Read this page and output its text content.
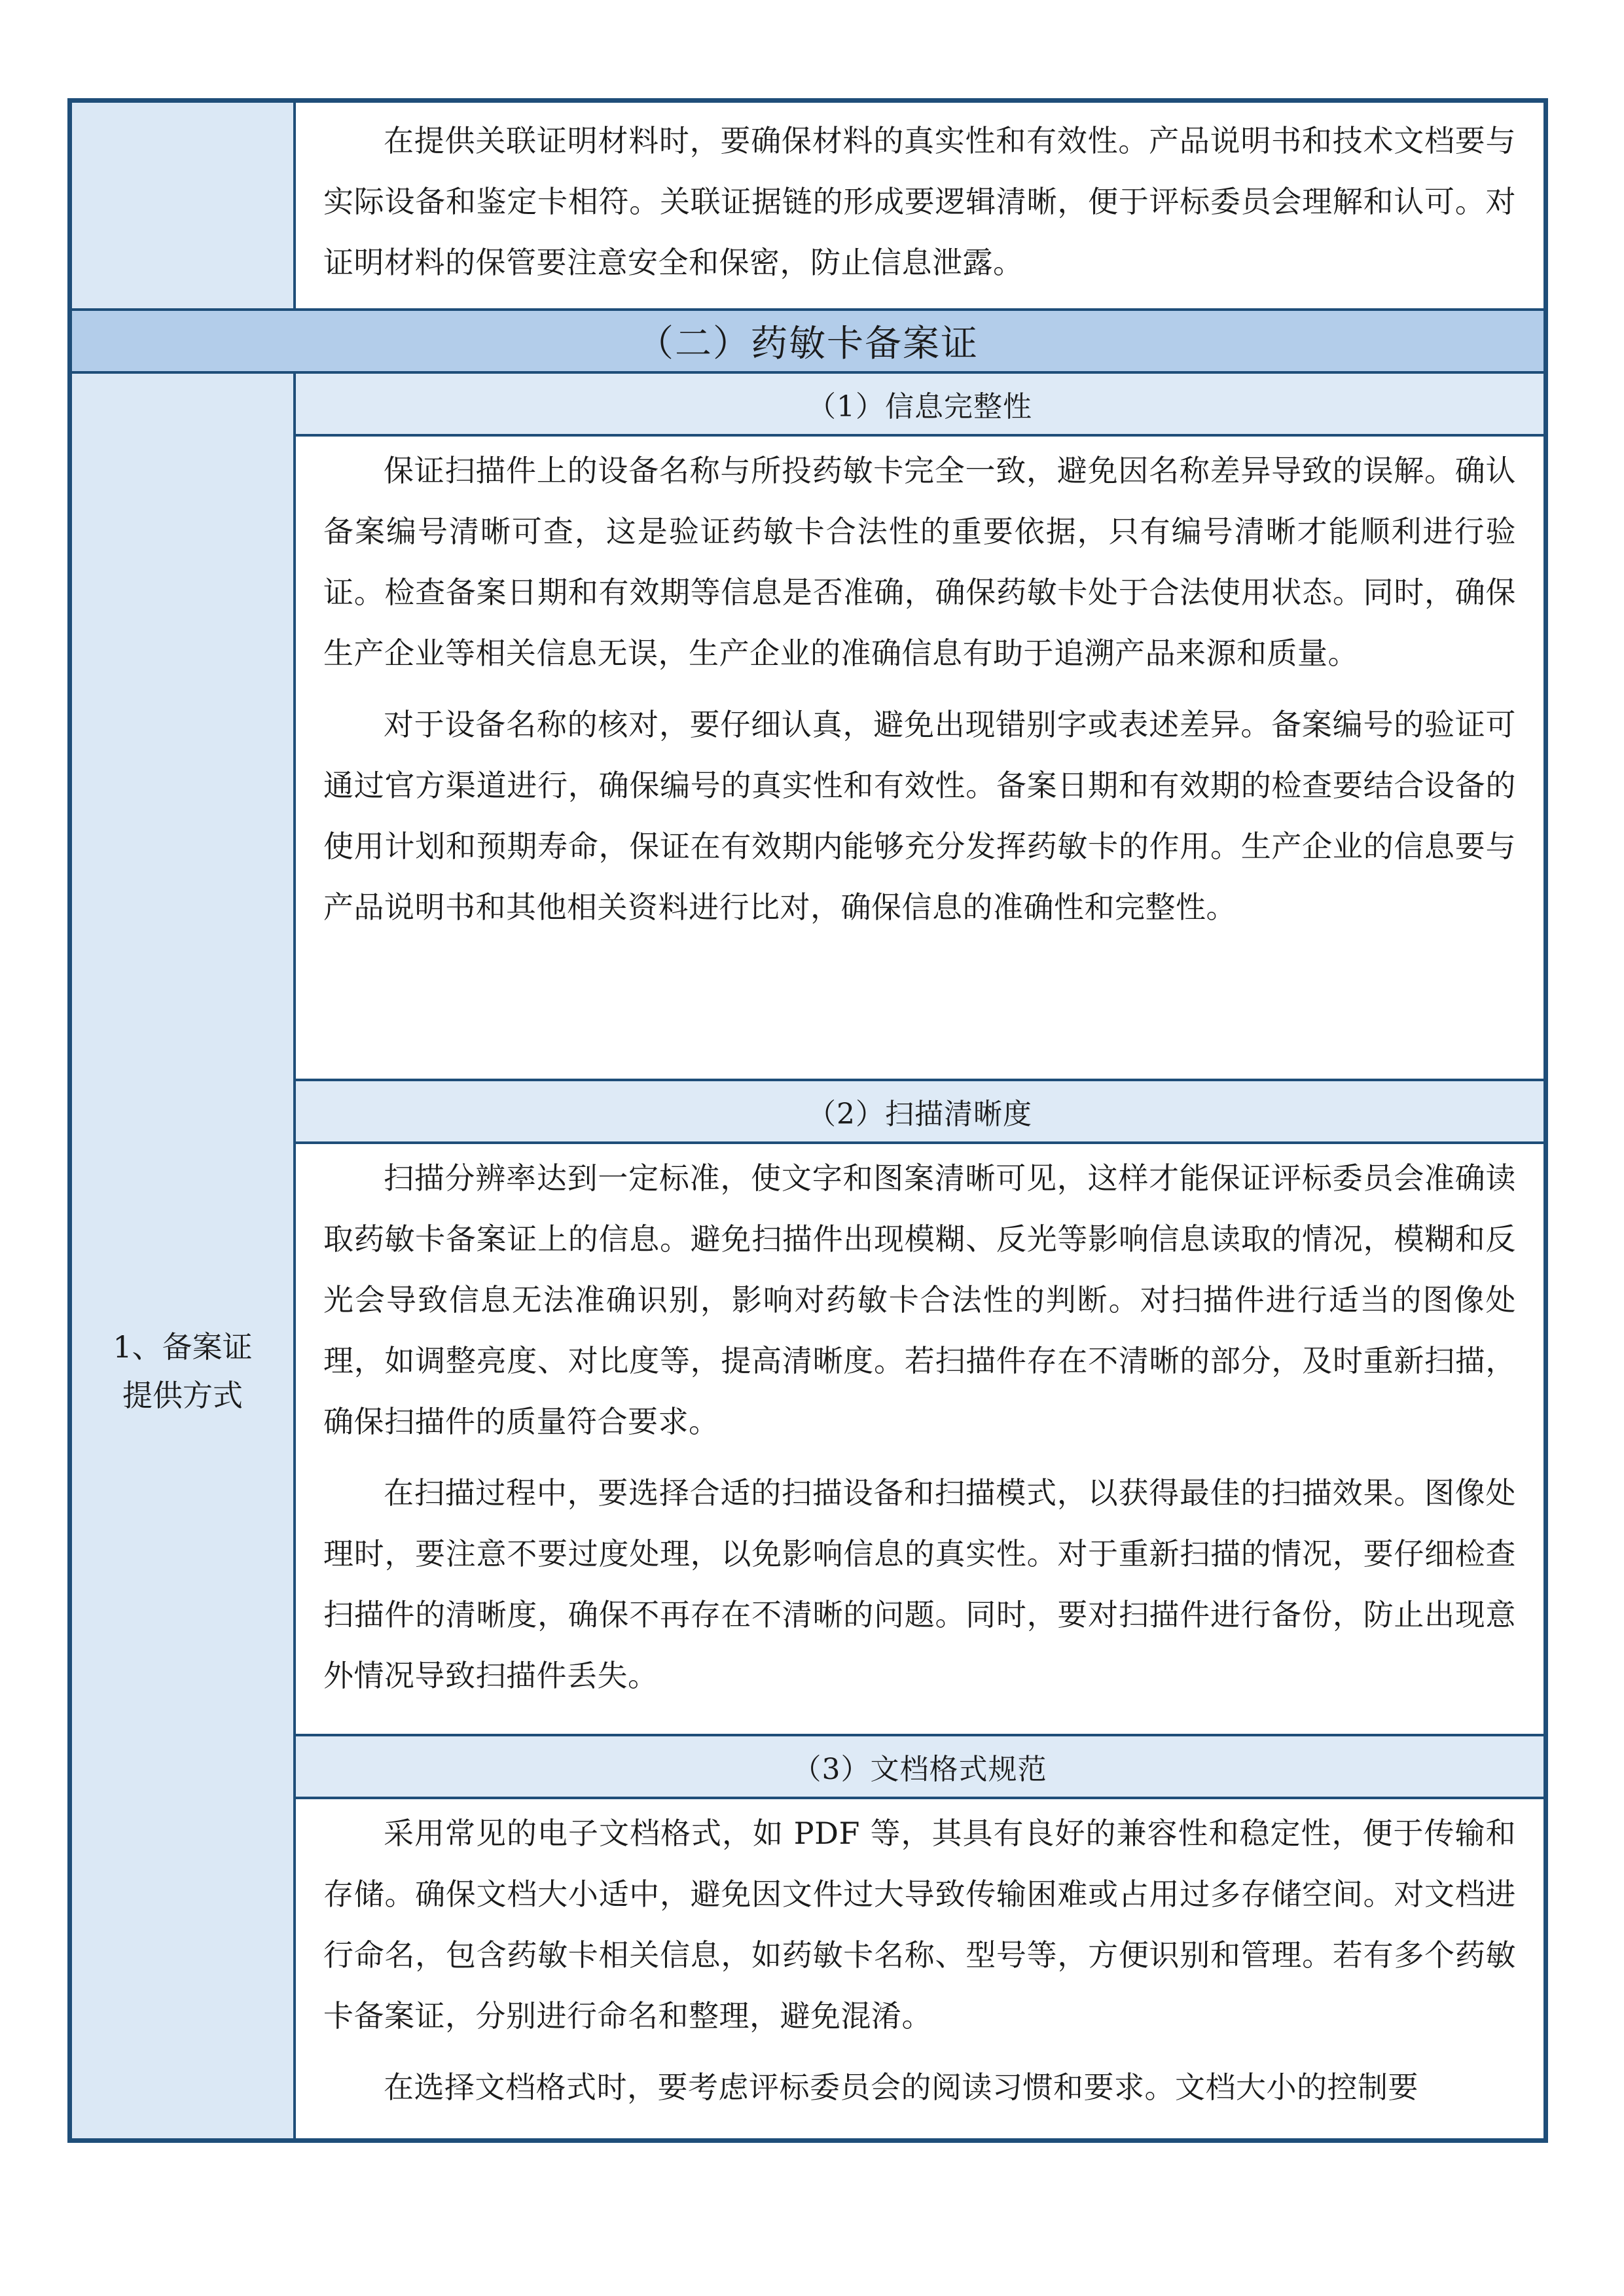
在提供关联证明材料时，要确保材料的真实性和有效性。产品说明书和技术文档要与实际设备和鉴定卡相符。关联证据链的形成要逻辑清晰，便于评标委员会理解和认可。对证明材料的保管要注意安全和保密，防止信息泄露。

（二）药敏卡备案证
1、备案证
提供方式
（1）信息完整性

保证扫描件上的设备名称与所投药敏卡完全一致，避免因名称差异导致的误解。确认备案编号清晰可查，这是验证药敏卡合法性的重要依据，只有编号清晰才能顺利进行验证。检查备案日期和有效期等信息是否准确，确保药敏卡处于合法使用状态。同时，确保生产企业等相关信息无误，生产企业的准确信息有助于追溯产品来源和质量。

对于设备名称的核对，要仔细认真，避免出现错别字或表述差异。备案编号的验证可通过官方渠道进行，确保编号的真实性和有效性。备案日期和有效期的检查要结合设备的使用计划和预期寿命，保证在有效期内能够充分发挥药敏卡的作用。生产企业的信息要与产品说明书和其他相关资料进行比对，确保信息的准确性和完整性。

（2）扫描清晰度

扫描分辨率达到一定标准，使文字和图案清晰可见，这样才能保证评标委员会准确读取药敏卡备案证上的信息。避免扫描件出现模糊、反光等影响信息读取的情况，模糊和反光会导致信息无法准确识别，影响对药敏卡合法性的判断。对扫描件进行适当的图像处理，如调整亮度、对比度等，提高清晰度。若扫描件存在不清晰的部分，及时重新扫描，确保扫描件的质量符合要求。

在扫描过程中，要选择合适的扫描设备和扫描模式，以获得最佳的扫描效果。图像处理时，要注意不要过度处理，以免影响信息的真实性。对于重新扫描的情况，要仔细检查扫描件的清晰度，确保不再存在不清晰的问题。同时，要对扫描件进行备份，防止出现意外情况导致扫描件丢失。

（3）文档格式规范

采用常见的电子文档格式，如 PDF 等，其具有良好的兼容性和稳定性，便于传输和存储。确保文档大小适中，避免因文件过大导致传输困难或占用过多存储空间。对文档进行命名，包含药敏卡相关信息，如药敏卡名称、型号等，方便识别和管理。若有多个药敏卡备案证，分别进行命名和整理，避免混淆。

在选择文档格式时，要考虑评标委员会的阅读习惯和要求。文档大小的控制要
